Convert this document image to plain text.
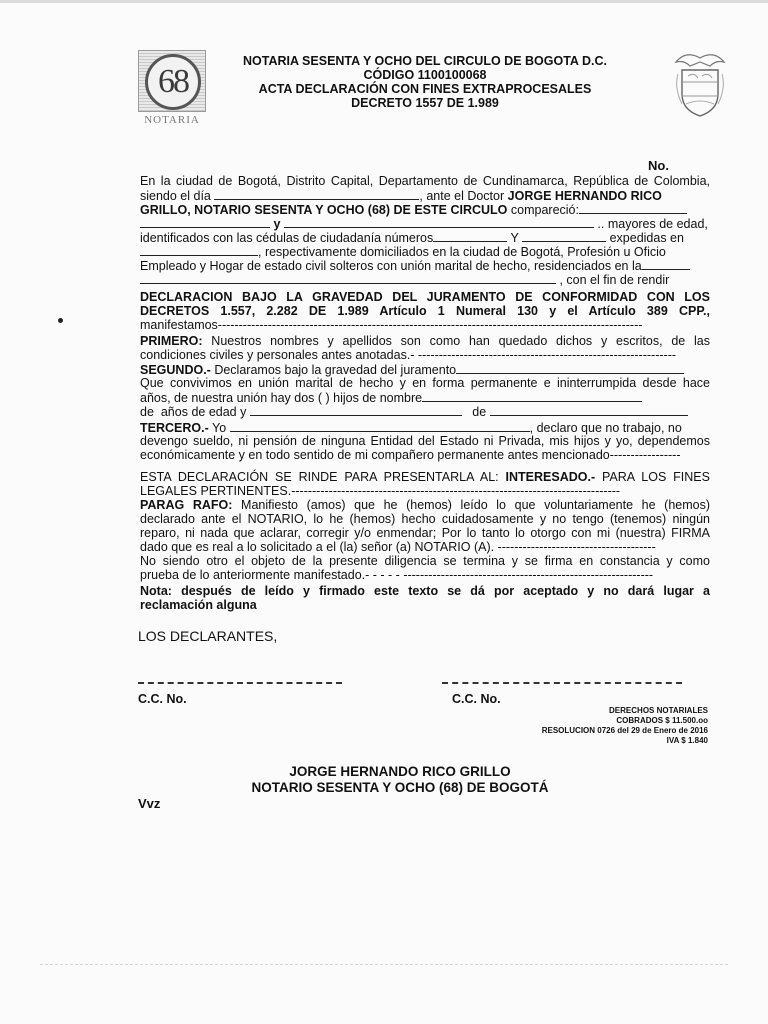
68
NOTARIA
NOTARIA SESENTA Y OCHO DEL CIRCULO DE BOGOTA D.C.
CÓDIGO 1100100068
ACTA DECLARACIÓN CON FINES EXTRAPROCESALES
DECRETO 1557 DE 1.989
No.
En la ciudad de Bogotá, Distrito Capital, Departamento de Cundinamarca, República de Colombia,
siendo el día	, ante el Doctor JORGE HERNANDO RICO
GRILLO, NOTARIO SESENTA Y OCHO (68) DE ESTE CIRCULO compareció:
y	.. mayores de edad,
identificados con las cédulas de ciudadanía números	Y	expedidas en
, respectivamente domiciliados en la ciudad de Bogotá, Profesión u Oficio
Empleado y Hogar de estado civil solteros con unión marital de hecho, residenciados en la
, con el fin de rendir
DECLARACION BAJO LA GRAVEDAD DEL JURAMENTO DE CONFORMIDAD CON LOS
DECRETOS 1.557, 2.282 DE 1.989 Artículo 1 Numeral 130 y el Artículo 389 CPP.,
manifestamos------------------------------------------------------------------------------------------------------
PRIMERO: Nuestros nombres y apellidos son como han quedado dichos y escritos, de las
condiciones civiles y personales antes anotadas.- --------------------------------------------------------------
SEGUNDO.- Declaramos bajo la gravedad del juramento
Que convivimos en unión marital de hecho y en forma permanente e ininterrumpida desde hace
años, de nuestra unión hay dos ( ) hijos de nombre
de años de edad y	de
TERCERO.- Yo	, declaro que no trabajo, no
devengo sueldo, ni pensión de ninguna Entidad del Estado ni Privada, mis hijos y yo, dependemos
económicamente y en todo sentido de mi compañero permanente antes mencionado-----------------
ESTA DECLARACIÓN SE RINDE PARA PRESENTARLA AL: INTERESADO.- PARA LOS FINES
LEGALES PERTINENTES.-------------------------------------------------------------------------------
PARAG RAFO: Manifiesto (amos) que he (hemos) leído lo que voluntariamente he (hemos)
declarado ante el NOTARIO, lo he (hemos) hecho cuidadosamente y no tengo (tenemos) ningún
reparo, ni nada que aclarar, corregir y/o enmendar; Por lo tanto lo otorgo con mi (nuestra) FIRMA
dado que es real a lo solicitado a el (la) señor (a) NOTARIO (A). --------------------------------------
No siendo otro el objeto de la presente diligencia se termina y se firma en constancia y como
prueba de lo anteriormente manifestado.- - - - - ------------------------------------------------------------
Nota: después de leído y firmado este texto se dá por aceptado y no dará lugar a
reclamación alguna
LOS DECLARANTES,
C.C. No.	C.C. No.
DERECHOS NOTARIALES
COBRADOS $ 11.500.oo
RESOLUCION 0726 del 29 de Enero de 2016
IVA $ 1.840
JORGE HERNANDO RICO GRILLO
NOTARIO SESENTA Y OCHO (68) DE BOGOTÁ
Vvz
